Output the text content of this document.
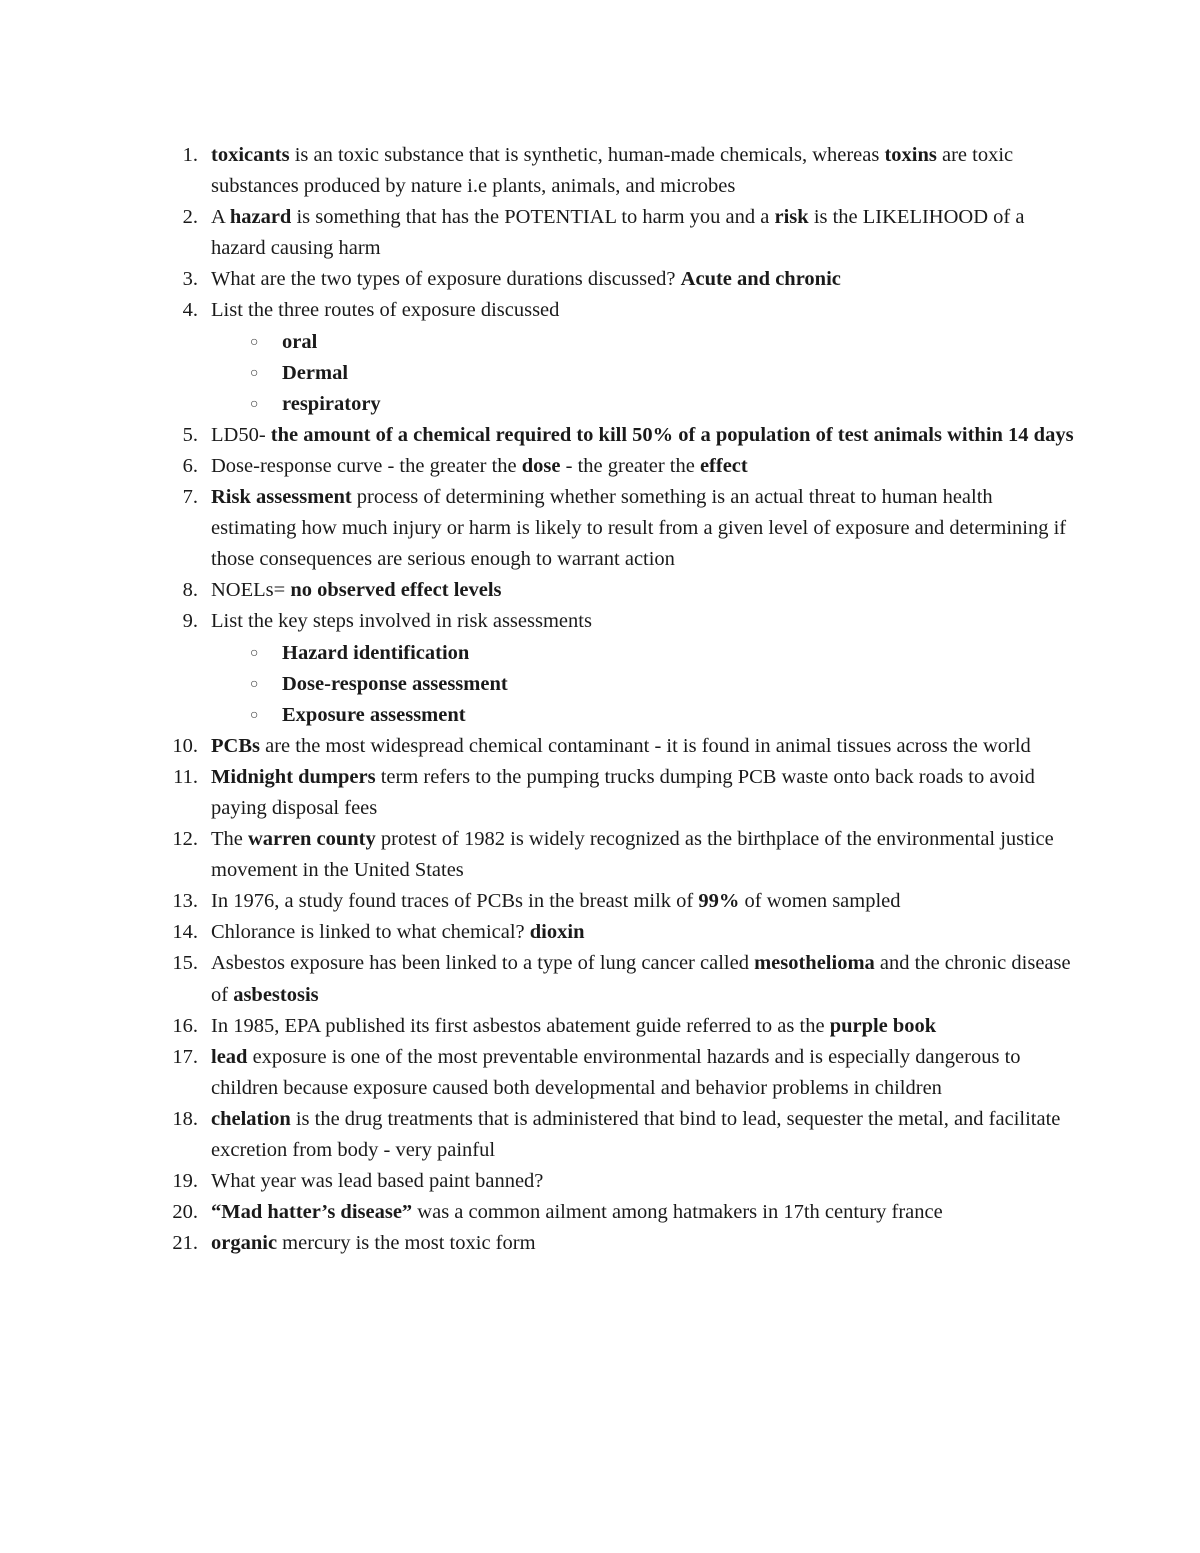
1. toxicants is an toxic substance that is synthetic, human-made chemicals, whereas toxins are toxic substances produced by nature i.e plants, animals, and microbes
2. A hazard is something that has the POTENTIAL to harm you and a risk is the LIKELIHOOD of a hazard causing harm
3. What are the two types of exposure durations discussed? Acute and chronic
4. List the three routes of exposure discussed
○ oral
○ Dermal
○ respiratory
5. LD50- the amount of a chemical required to kill 50% of a population of test animals within 14 days
6. Dose-response curve - the greater the dose - the greater the effect
7. Risk assessment process of determining whether something is an actual threat to human health estimating how much injury or harm is likely to result from a given level of exposure and determining if those consequences are serious enough to warrant action
8. NOELs= no observed effect levels
9. List the key steps involved in risk assessments
○ Hazard identification
○ Dose-response assessment
○ Exposure assessment
10. PCBs are the most widespread chemical contaminant - it is found in animal tissues across the world
11. Midnight dumpers term refers to the pumping trucks dumping PCB waste onto back roads to avoid paying disposal fees
12. The warren county protest of 1982 is widely recognized as the birthplace of the environmental justice movement in the United States
13. In 1976, a study found traces of PCBs in the breast milk of 99% of women sampled
14. Chlorance is linked to what chemical? dioxin
15. Asbestos exposure has been linked to a type of lung cancer called mesothelioma and the chronic disease of asbestosis
16. In 1985, EPA published its first asbestos abatement guide referred to as the purple book
17. lead exposure is one of the most preventable environmental hazards and is especially dangerous to children because exposure caused both developmental and behavior problems in children
18. chelation is the drug treatments that is administered that bind to lead, sequester the metal, and facilitate excretion from body - very painful
19. What year was lead based paint banned?
20. “Mad hatter’s disease” was a common ailment among hatmakers in 17th century france
21. organic mercury is the most toxic form
